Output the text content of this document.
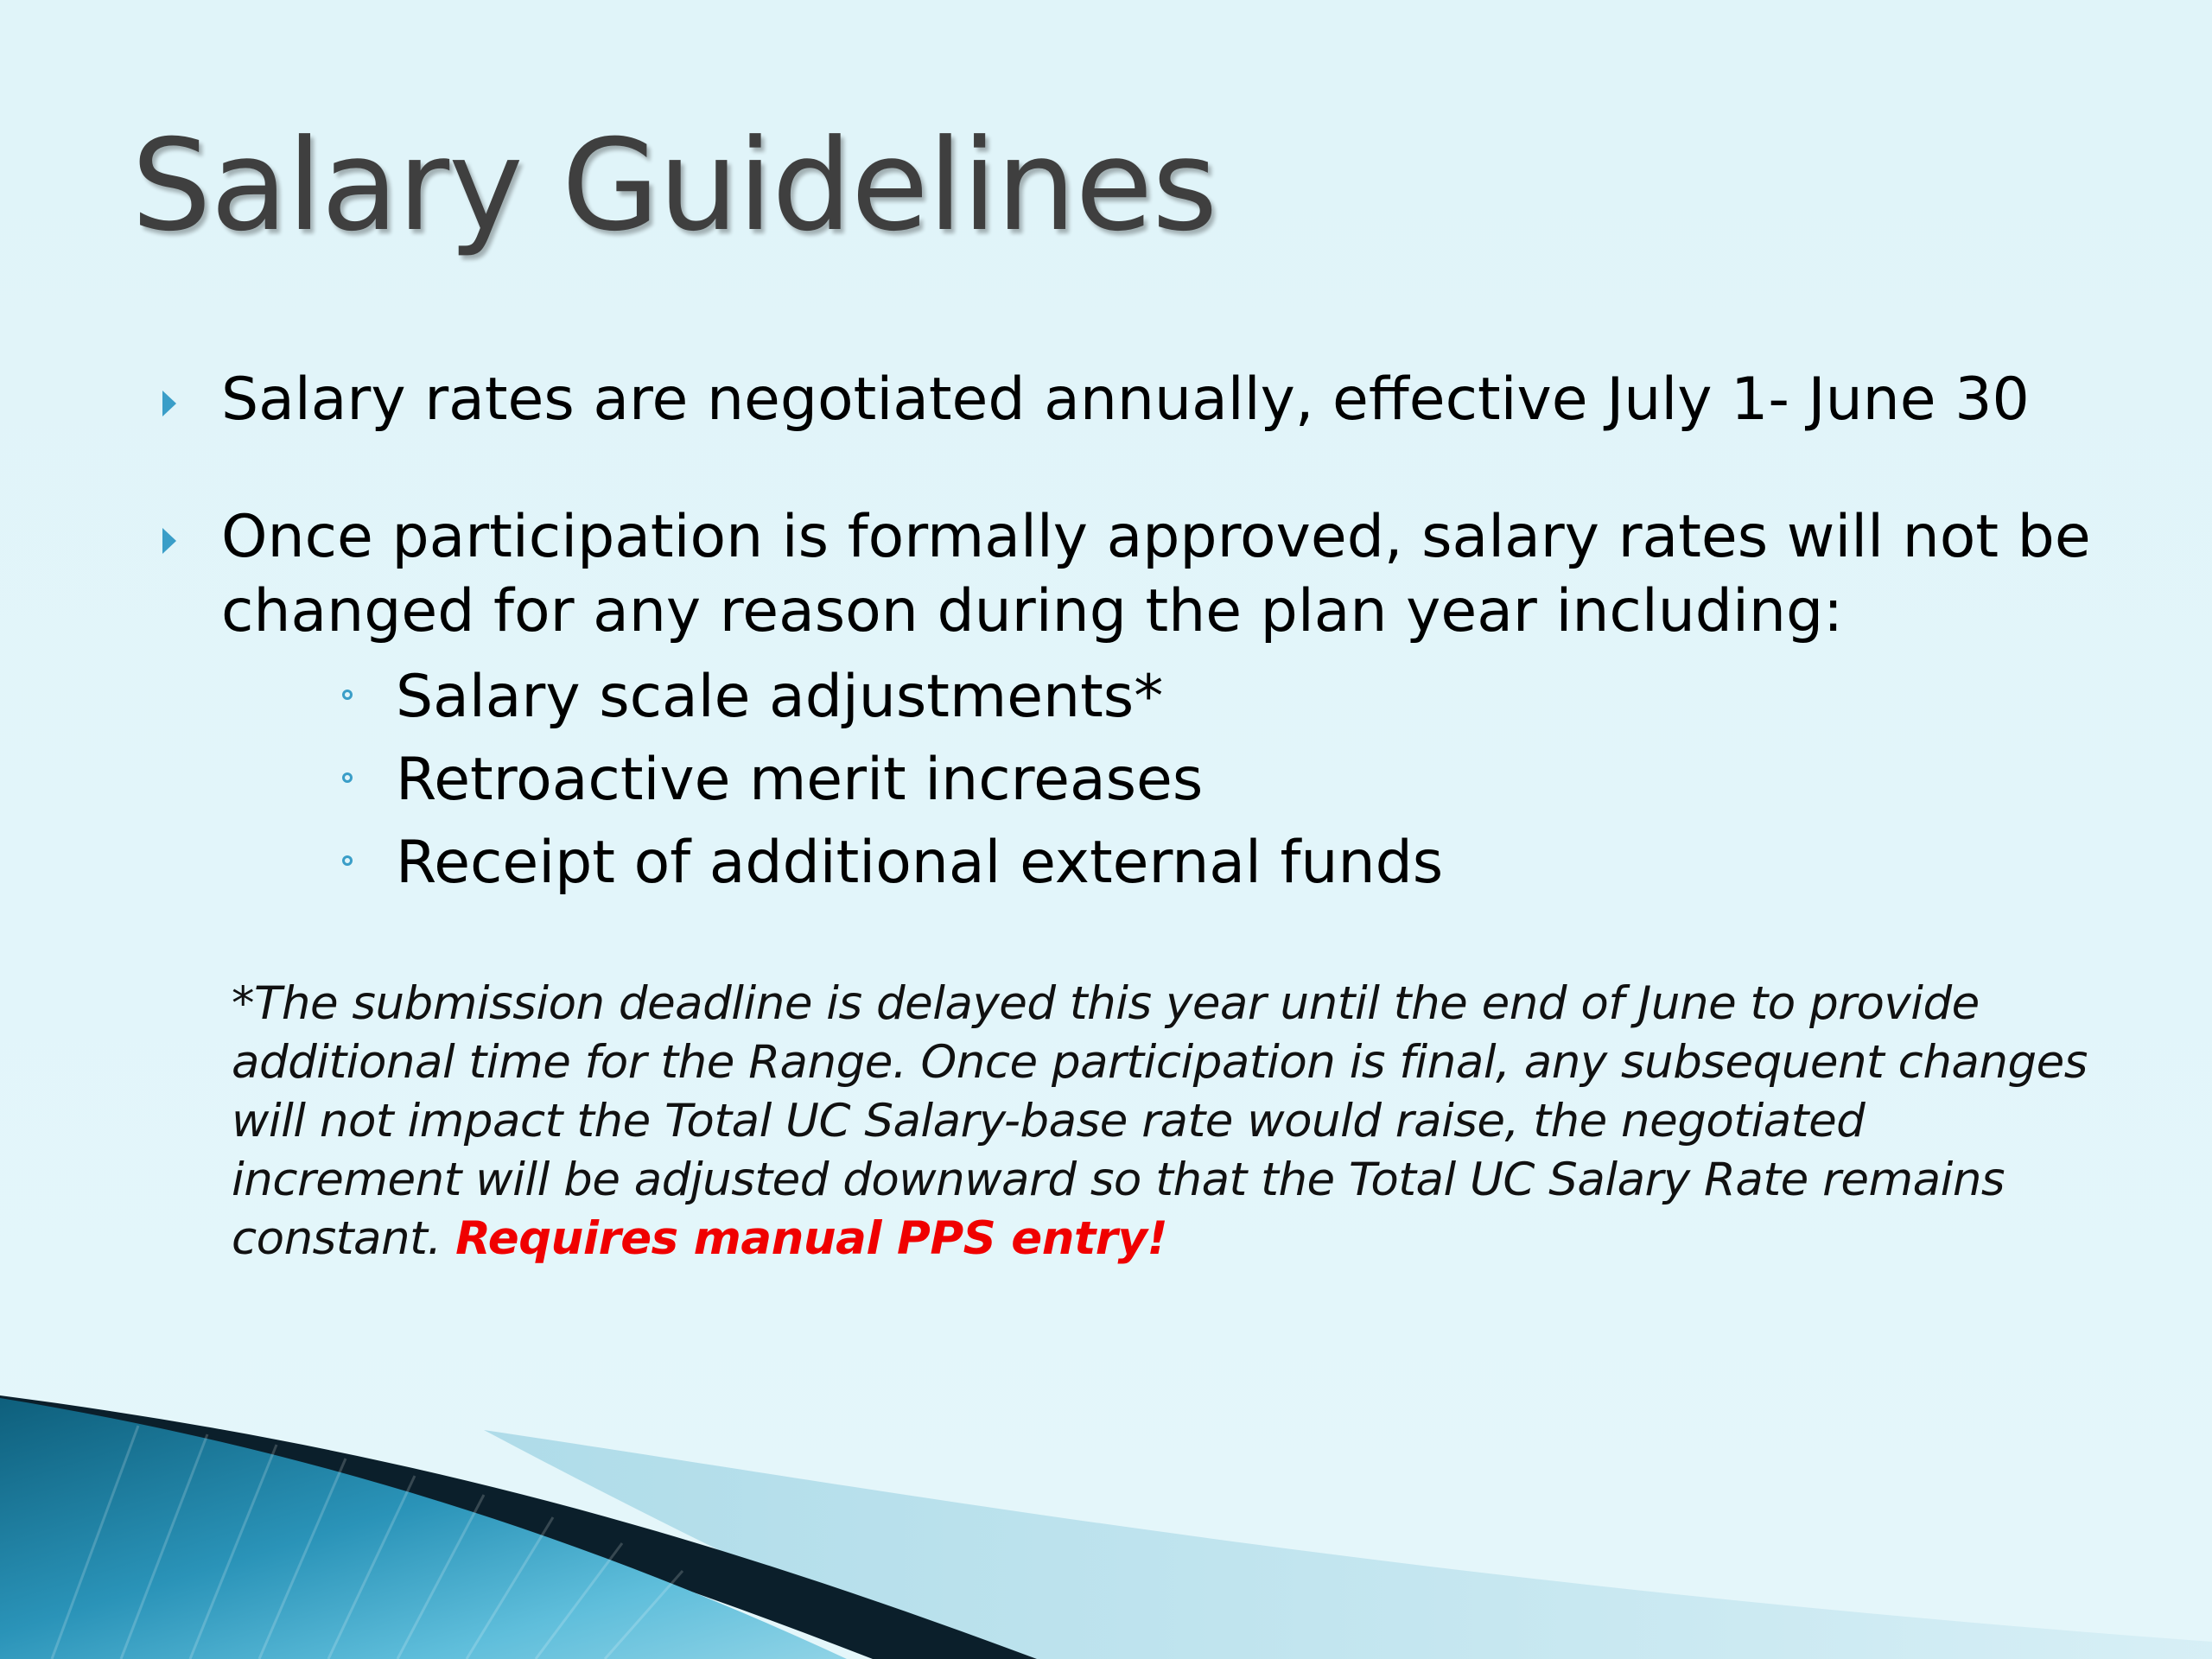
Salary Guidelines
Salary rates are negotiated annually, effective July 1- June 30
Once participation is formally approved, salary rates will not be changed for any reason during the plan year including:
Salary scale adjustments*
Retroactive merit increases
Receipt of additional external funds

*The submission deadline is delayed this year until the end of June to provide additional time for the Range. Once participation is final, any subsequent changes will not impact the Total UC Salary-base rate would raise, the negotiated increment will be adjusted downward so that the Total UC Salary Rate remains constant. Requires manual PPS entry!
